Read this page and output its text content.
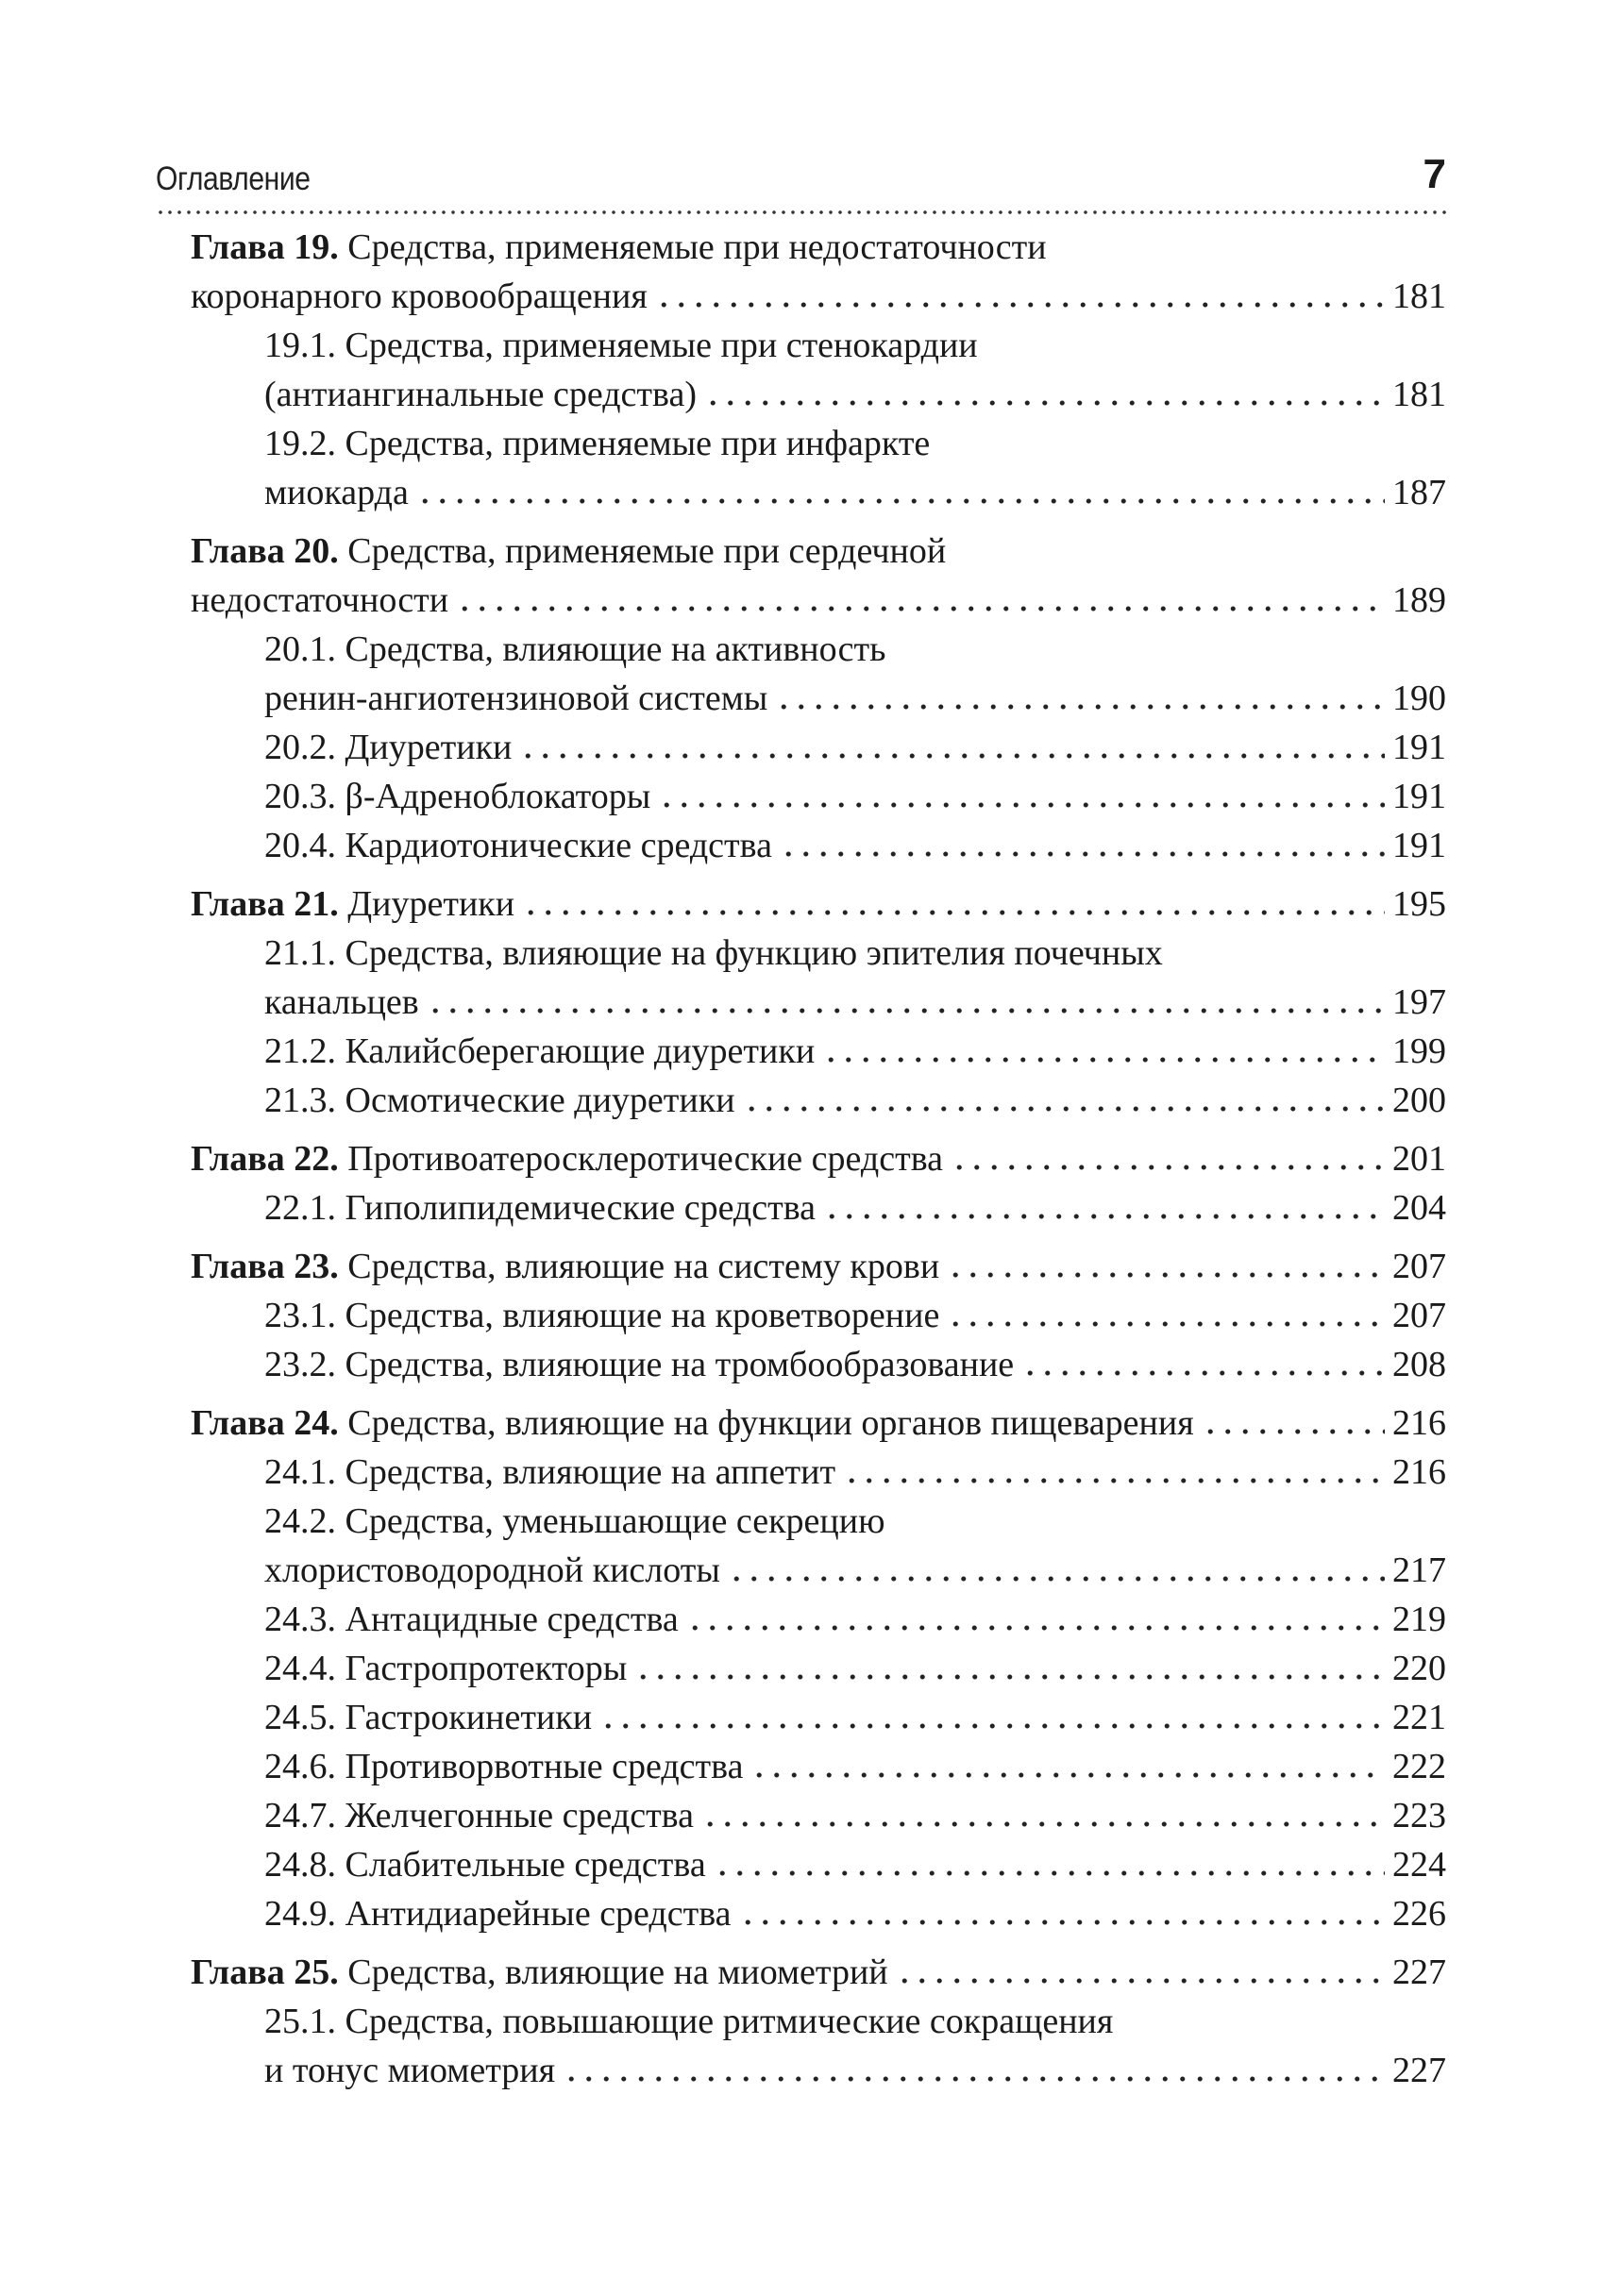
Оглавление	7
Глава 19. Средства, применяемые при недостаточности
коронарного кровообращения	181
19.1. Средства, применяемые при стенокардии
(антиангинальные средства)	181
19.2. Средства, применяемые при инфаркте
миокарда	187
Глава 20. Средства, применяемые при сердечной
недостаточности	189
20.1. Средства, влияющие на активность
ренин-ангиотензиновой системы	190
20.2. Диуретики	191
20.3. β-Адреноблокаторы	191
20.4. Кардиотонические средства	191
Глава 21. Диуретики	195
21.1. Средства, влияющие на функцию эпителия почечных
канальцев	197
21.2. Калийсберегающие диуретики	199
21.3. Осмотические диуретики	200
Глава 22. Противоатеросклеротические средства	201
22.1. Гиполипидемические средства	204
Глава 23. Средства, влияющие на систему крови	207
23.1. Средства, влияющие на кроветворение	207
23.2. Средства, влияющие на тромбообразование	208
Глава 24. Средства, влияющие на функции органов пищеварения	216
24.1. Средства, влияющие на аппетит	216
24.2. Средства, уменьшающие секрецию
хлористоводородной кислоты	217
24.3. Антацидные средства	219
24.4. Гастропротекторы	220
24.5. Гастрокинетики	221
24.6. Противорвотные средства	222
24.7. Желчегонные средства	223
24.8. Слабительные средства	224
24.9. Антидиарейные средства	226
Глава 25. Средства, влияющие на миометрий	227
25.1. Средства, повышающие ритмические сокращения
и тонус миометрия	227
